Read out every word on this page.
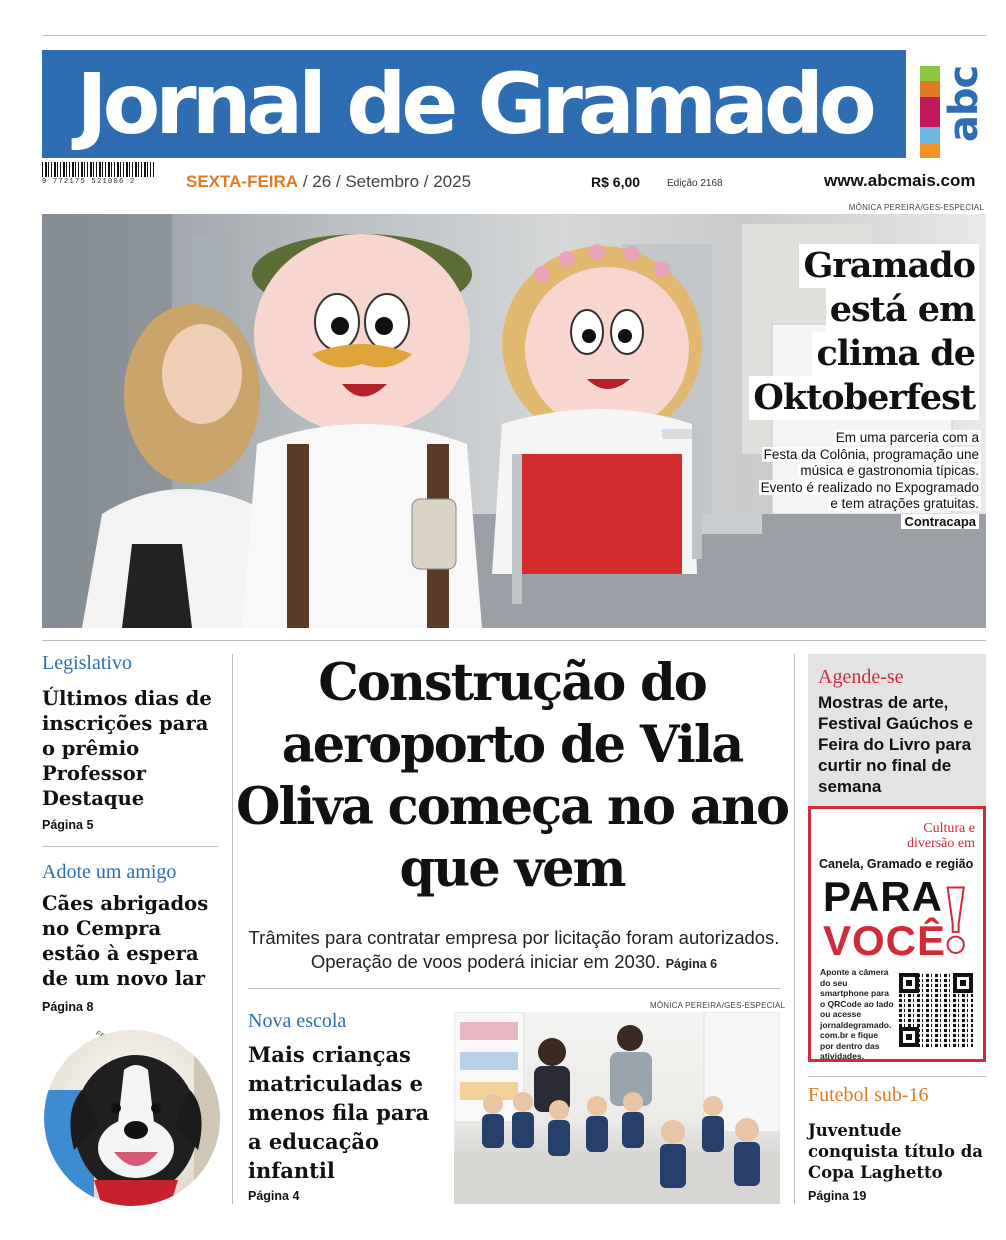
Jornal de Gramado	abc
9 772175 521006 2	SEXTA-FEIRA / 26 / Setembro / 2025	R$ 6,00	Edição 2168	www.abcmais.com
MÔNICA PEREIRA/GES-ESPECIAL
Gramado
está em
clima de
Oktoberfest
Em uma parceria com a
Festa da Colônia, programação une
música e gastronomia típicas.
Evento é realizado no Expogramado
e tem atrações gratuitas.
Contracapa
Legislativo
Últimos dias de inscrições para o prêmio Professor Destaque
Página 5
Adote um amigo
Cães abrigados no Cempra estão à espera de um novo lar
Página 8
Construção do aeroporto de Vila Oliva começa no ano que vem
Trâmites para contratar empresa por licitação foram autorizados. Operação de voos poderá iniciar em 2030. Página 6
Nova escola
Mais crianças matriculadas e menos fila para a educação infantil
Página 4
MÔNICA PEREIRA/GES-ESPECIAL
Agende-se
Mostras de arte, Festival Gaúchos e Feira do Livro para curtir no final de semana
Cultura e
diversão em
Canela, Gramado e região
PARA
VOCÊ
!
Aponte a câmera do seu smartphone para o QRCode ao lado ou acesse jornaldegramado. com.br e fique por dentro das atividades.
Futebol sub-16
Juventude conquista título da Copa Laghetto
Página 19
